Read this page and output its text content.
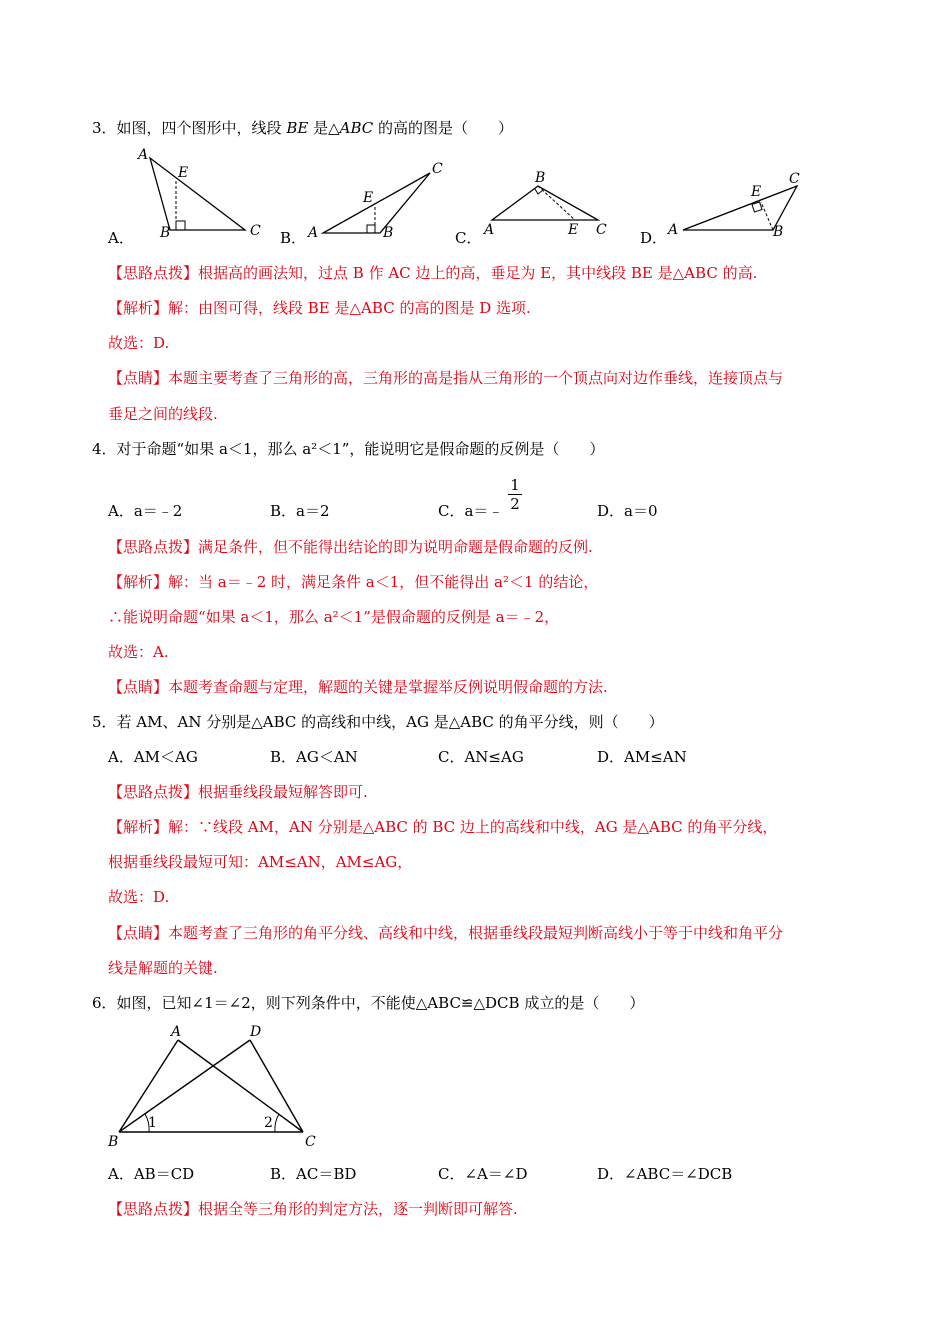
3．如图，四个图形中，线段 BE 是△ABC 的高的图是（　　）
A．
A
E
B	C B．
C
E
A	B	C．
B
A	E C D．
E
C
A	B
【思路点拨】根据高的画法知，过点 B 作 AC 边上的高，垂足为 E，其中线段 BE 是△ABC 的高.
【解析】解：由图可得，线段 BE 是△ABC 的高的图是 D 选项.
故选：D.
【点睛】本题主要考查了三角形的高，三角形的高是指从三角形的一个顶点向对边作垂线，连接顶点与
垂足之间的线段.
4．对于命题“如果 a＜1，那么 a²＜1”，能说明它是假命题的反例是（　　）
A．a＝﹣2	B．a＝2	C．a＝﹣ $\frac{1}{2}$	D．a＝0
【思路点拨】满足条件，但不能得出结论的即为说明命题是假命题的反例.
【解析】解：当 a＝﹣2 时，满足条件 a＜1，但不能得出 a²＜1 的结论，
∴能说明命题“如果 a＜1，那么 a²＜1”是假命题的反例是 a＝﹣2，
故选：A.
【点睛】本题考查命题与定理，解题的关键是掌握举反例说明假命题的方法.
5．若 AM、AN 分别是△ABC 的高线和中线，AG 是△ABC 的角平分线，则（　　）
A．AM＜AG	B．AG＜AN	C．AN≤AG	D．AM≤AN
【思路点拨】根据垂线段最短解答即可.
【解析】解：∵线段 AM，AN 分别是△ABC 的 BC 边上的高线和中线，AG 是△ABC 的角平分线，
根据垂线段最短可知：AM≤AN，AM≤AG，
故选：D.
【点睛】本题考查了三角形的角平分线、高线和中线，根据垂线段最短判断高线小于等于中线和角平分
线是解题的关键.
6．如图，已知∠1＝∠2，则下列条件中，不能使△ABC≌△DCB 成立的是（　　）
A	D
B	C
1	2
A．AB＝CD	B．AC＝BD	C．∠A＝∠D	D．∠ABC＝∠DCB
【思路点拨】根据全等三角形的判定方法，逐一判断即可解答.
